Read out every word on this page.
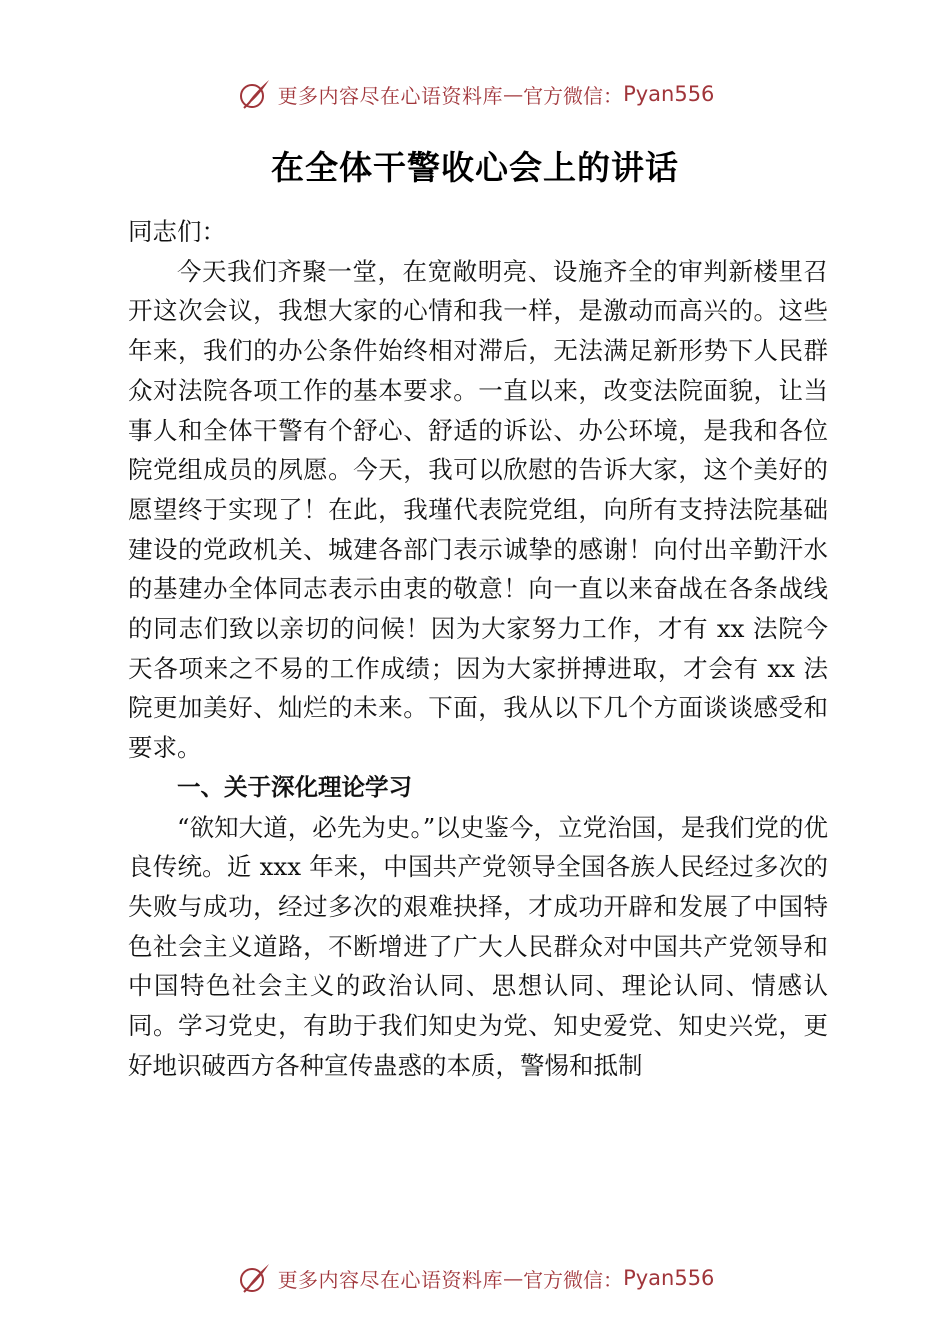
更多内容尽在心语资料库 — 官方微信： Pyan556
在全体干警收心会上的讲话

同志们：

今天我们齐聚一堂，在宽敞明亮、设施齐全的审判新楼里召开这次会议，我想大家的心情和我一样，是激动而高兴的。这些年来，我们的办公条件始终相对滞后，无法满足新形势下人民群众对法院各项工作的基本要求。一直以来，改变法院面貌，让当事人和全体干警有个舒心、舒适的诉讼、办公环境，是我和各位院党组成员的夙愿。今天，我可以欣慰的告诉大家，这个美好的愿望终于实现了！在此，我瑾代表院党组，向所有支持法院基础建设的党政机关、城建各部门表示诚挚的感谢！向付出辛勤汗水的基建办全体同志表示由衷的敬意！向一直以来奋战在各条战线的同志们致以亲切的问候！因为大家努力工作，才有 xx 法院今天各项来之不易的工作成绩；因为大家拼搏进取，才会有 xx 法院更加美好、灿烂的未来。下面，我从以下几个方面谈谈感受和要求。

一、关于深化理论学习

“欲知大道，必先为史。”以史鉴今，立党治国，是我们党的优良传统。近 xxx 年来，中国共产党领导全国各族人民经过多次的失败与成功，经过多次的艰难抉择，才成功开辟和发展了中国特色社会主义道路，不断增进了广大人民群众对中国共产党领导和中国特色社会主义的政治认同、思想认同、理论认同、情感认同。学习党史，有助于我们知史为党、知史爱党、知史兴党，更好地识破西方各种宣传蛊惑的本质，警惕和抵制

更多内容尽在心语资料库 — 官方微信： Pyan556
